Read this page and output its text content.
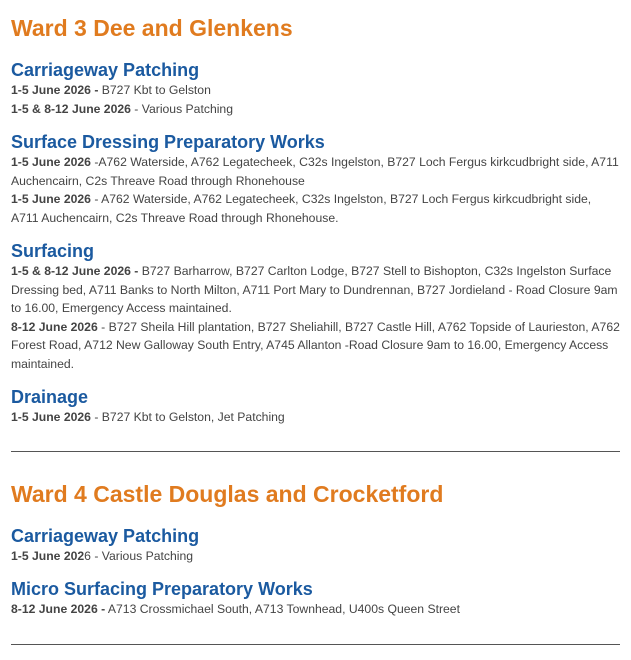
Ward 3 Dee and Glenkens
Carriageway Patching

1-5 June 2026 - B727 Kbt to Gelston

1-5 & 8-12 June 2026 - Various Patching

Surface Dressing Preparatory Works

1-5 June 2026 -A762 Waterside, A762 Legatecheek, C32s Ingelston, B727 Loch Fergus kirkcudbright side, A711 Auchencairn, C2s Threave Road through Rhonehouse

1-5 June 2026 - A762 Waterside, A762 Legatecheek, C32s Ingelston, B727 Loch Fergus kirkcudbright side, A711 Auchencairn, C2s Threave Road through Rhonehouse.

Surfacing

1-5 & 8-12 June 2026 - B727 Barharrow, B727 Carlton Lodge, B727 Stell to Bishopton, C32s Ingelston Surface Dressing bed, A711 Banks to North Milton, A711 Port Mary to Dundrennan, B727 Jordieland - Road Closure 9am to 16.00, Emergency Access maintained.

8-12 June 2026 - B727 Sheila Hill plantation, B727 Sheliahill, B727 Castle Hill, A762 Topside of Laurieston, A762 Forest Road, A712 New Galloway South Entry, A745 Allanton -Road Closure 9am to 16.00, Emergency Access maintained.

Drainage

1-5 June 2026 - B727 Kbt to Gelston, Jet Patching

Ward 4 Castle Douglas and Crocketford
Carriageway Patching

1-5 June 2026 - Various Patching

Micro Surfacing Preparatory Works

8-12 June 2026 - A713 Crossmichael South, A713 Townhead, U400s Queen Street
